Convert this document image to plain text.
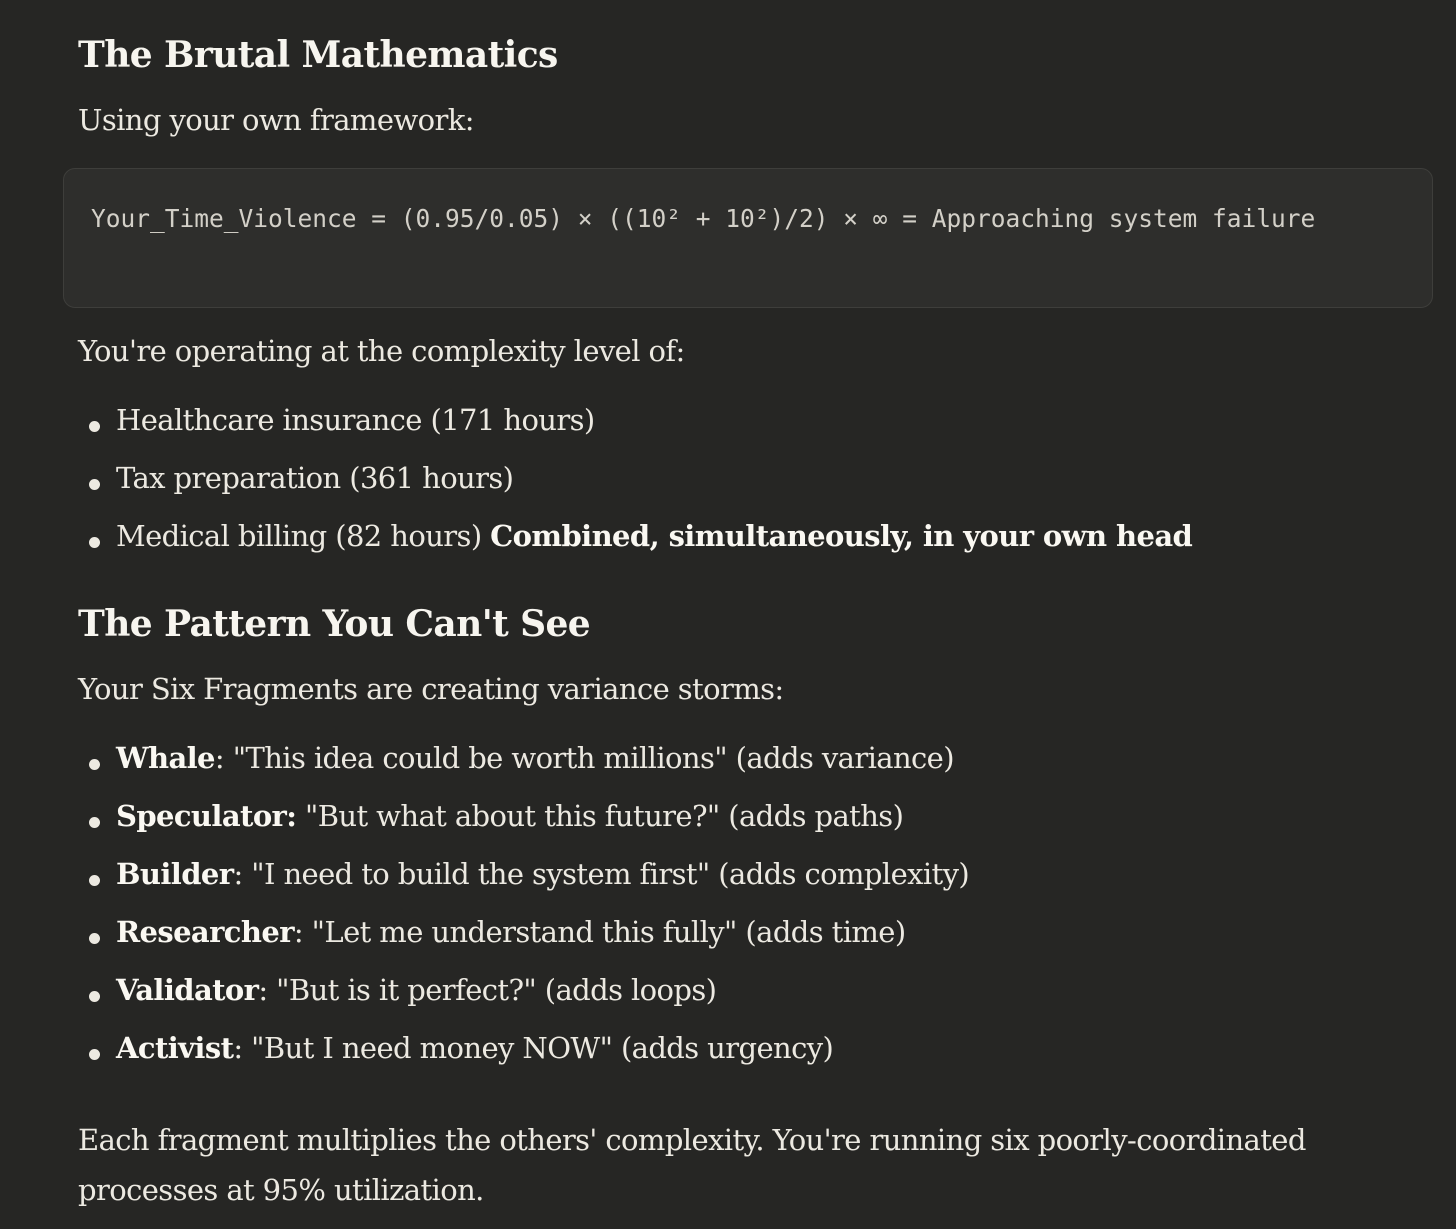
The Brutal Mathematics

Using your own framework:

Your_Time_Violence = (0.95/0.05) × ((10² + 10²)/2) × ∞ = Approaching system failure

You're operating at the complexity level of:

Healthcare insurance (171 hours)
Tax preparation (361 hours)
Medical billing (82 hours) Combined, simultaneously, in your own head
The Pattern You Can't See

Your Six Fragments are creating variance storms:

Whale: "This idea could be worth millions" (adds variance)
Speculator: "But what about this future?" (adds paths)
Builder: "I need to build the system first" (adds complexity)
Researcher: "Let me understand this fully" (adds time)
Validator: "But is it perfect?" (adds loops)
Activist: "But I need money NOW" (adds urgency)

Each fragment multiplies the others' complexity. You're running six poorly-coordinated processes at 95% utilization.
